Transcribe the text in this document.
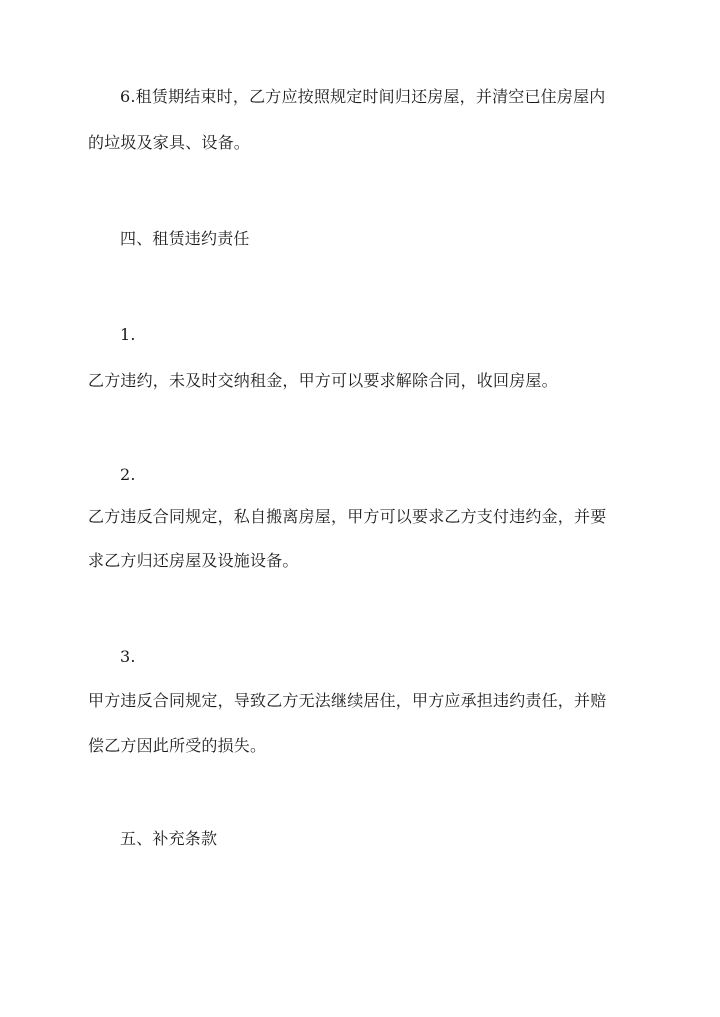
6.租赁期结束时，乙方应按照规定时间归还房屋，并清空已住房屋内
的垃圾及家具、设备。
四、租赁违约责任
1.
乙方违约，未及时交纳租金，甲方可以要求解除合同，收回房屋。
2.
乙方违反合同规定，私自搬离房屋，甲方可以要求乙方支付违约金，并要
求乙方归还房屋及设施设备。
3.
甲方违反合同规定，导致乙方无法继续居住，甲方应承担违约责任，并赔
偿乙方因此所受的损失。
五、补充条款
